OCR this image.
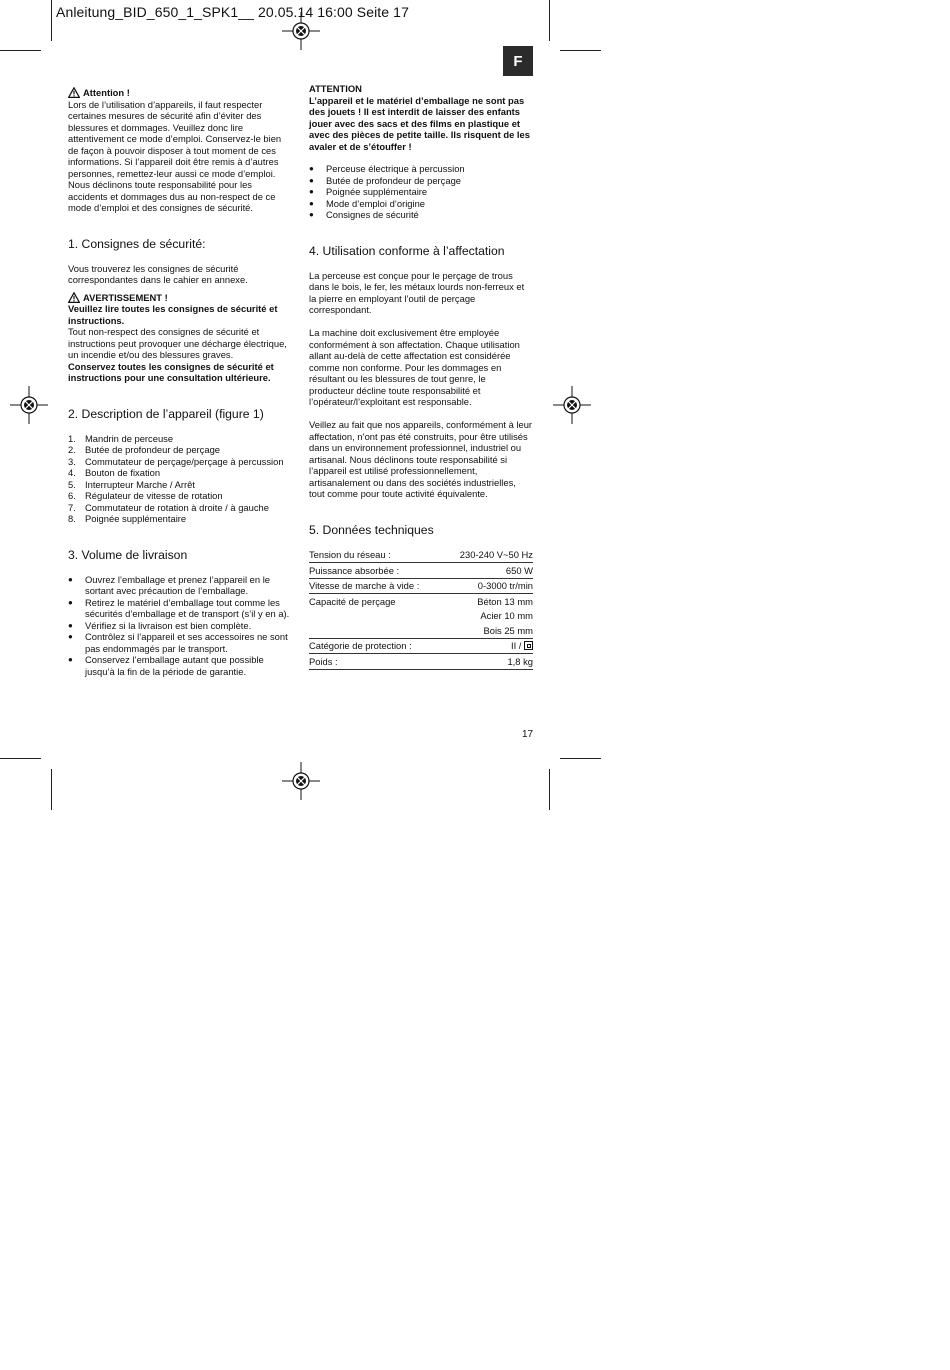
Anleitung_BID_650_1_SPK1__ 20.05.14 16:00 Seite 17
F
Attention !

Lors de l’utilisation d’appareils, il faut respecter certaines mesures de sécurité afin d’éviter des blessures et dommages. Veuillez donc lire attentivement ce mode d’emploi. Conservez-le bien de façon à pouvoir disposer à tout moment de ces informations. Si l’appareil doit être remis à d’autres personnes, remettez-leur aussi ce mode d’emploi. Nous déclinons toute responsabilité pour les accidents et dommages dus au non-respect de ce mode d’emploi et des consignes de sécurité.

1. Consignes de sécurité:

Vous trouverez les consignes de sécurité correspondantes dans le cahier en annexe.

AVERTISSEMENT !

Veuillez lire toutes les consignes de sécurité et instructions.

Tout non-respect des consignes de sécurité et instructions peut provoquer une décharge électrique, un incendie et/ou des blessures graves.

Conservez toutes les consignes de sécurité et instructions pour une consultation ultérieure.

2. Description de l’appareil (figure 1)
1. Mandrin de perceuse
2. Butée de profondeur de perçage
3. Commutateur de perçage/perçage à percussion
4. Bouton de fixation
5. Interrupteur Marche / Arrêt
6. Régulateur de vitesse de rotation
7. Commutateur de rotation à droite / à gauche
8. Poignée supplémentaire
3. Volume de livraison
●	Ouvrez l’emballage et prenez l’appareil en le sortant avec précaution de l’emballage.
●	Retirez le matériel d’emballage tout comme les sécurités d’emballage et de transport (s’il y en a).
●	Vérifiez si la livraison est bien complète.
●	Contrôlez si l’appareil et ses accessoires ne sont pas endommagés par le transport.
●	Conservez l’emballage autant que possible jusqu’à la fin de la période de garantie.

ATTENTION

L’appareil et le matériel d’emballage ne sont pas des jouets ! Il est interdit de laisser des enfants jouer avec des sacs et des films en plastique et avec des pièces de petite taille. Ils risquent de les avaler et de s’étouffer !

●	Perceuse électrique à percussion
●	Butée de profondeur de perçage
●	Poignée supplémentaire
●	Mode d’emploi d’origine
●	Consignes de sécurité
4. Utilisation conforme à l’affectation

La perceuse est conçue pour le perçage de trous dans le bois, le fer, les métaux lourds non-ferreux et la pierre en employant l’outil de perçage correspondant.

La machine doit exclusivement être employée conformément à son affectation. Chaque utilisation allant au-delà de cette affectation est considérée comme non conforme. Pour les dommages en résultant ou les blessures de tout genre, le producteur décline toute responsabilité et l’opérateur/l’exploitant est responsable.

Veillez au fait que nos appareils, conformément à leur affectation, n’ont pas été construits, pour être utilisés dans un environnement professionnel, industriel ou artisanal. Nous déclinons toute responsabilité si l’appareil est utilisé professionnellement, artisanalement ou dans des sociétés industrielles, tout comme pour toute activité équivalente.

5. Données techniques
Tension du réseau :	230-240 V~50 Hz
Puissance absorbée :	650 W
Vitesse de marche à vide :	0-3000 tr/min
Capacité de perçage	Béton 13 mm
	Acier 10 mm
	Bois 25 mm
Catégorie de protection :	II /
Poids :	1,8 kg
17
